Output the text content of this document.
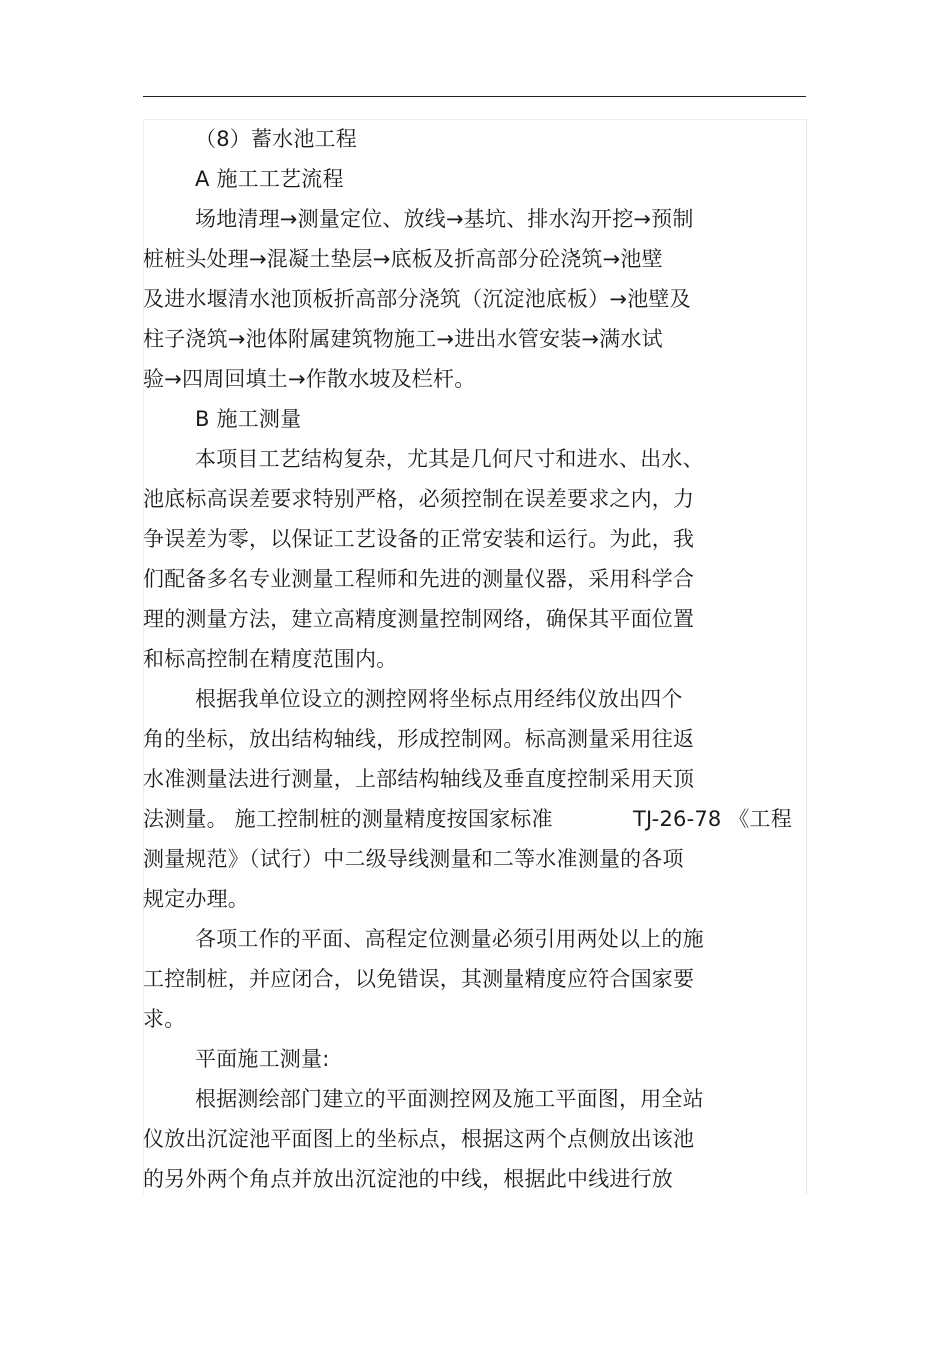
（8）蓄水池工程
A 施工工艺流程
场地清理→测量定位、放线→基坑、排水沟开挖→预制
桩桩头处理→混凝土垫层→底板及折高部分砼浇筑→池壁
及进水堰清水池顶板折高部分浇筑（沉淀池底板）→池壁及
柱子浇筑→池体附属建筑物施工→进出水管安装→满水试
验→四周回填土→作散水坡及栏杆。
B 施工测量
本项目工艺结构复杂，尤其是几何尺寸和进水、出水、
池底标高误差要求特别严格，必须控制在误差要求之内，力
争误差为零，以保证工艺设备的正常安装和运行。为此，我
们配备多名专业测量工程师和先进的测量仪器，采用科学合
理的测量方法，建立高精度测量控制网络，确保其平面位置
和标高控制在精度范围内。
根据我单位设立的测控网将坐标点用经纬仪放出四个
角的坐标，放出结构轴线，形成控制网。标高测量采用往返
水准测量法进行测量，上部结构轴线及垂直度控制采用天顶
法测量。 施工控制桩的测量精度按国家标准	TJ-26-78 《工程
测量规范》（试行）中二级导线测量和二等水准测量的各项
规定办理。
各项工作的平面、高程定位测量必须引用两处以上的施
工控制桩，并应闭合，以免错误，其测量精度应符合国家要
求。
平面施工测量:
根据测绘部门建立的平面测控网及施工平面图，用全站
仪放出沉淀池平面图上的坐标点，根据这两个点侧放出该池
的另外两个角点并放出沉淀池的中线，根据此中线进行放
